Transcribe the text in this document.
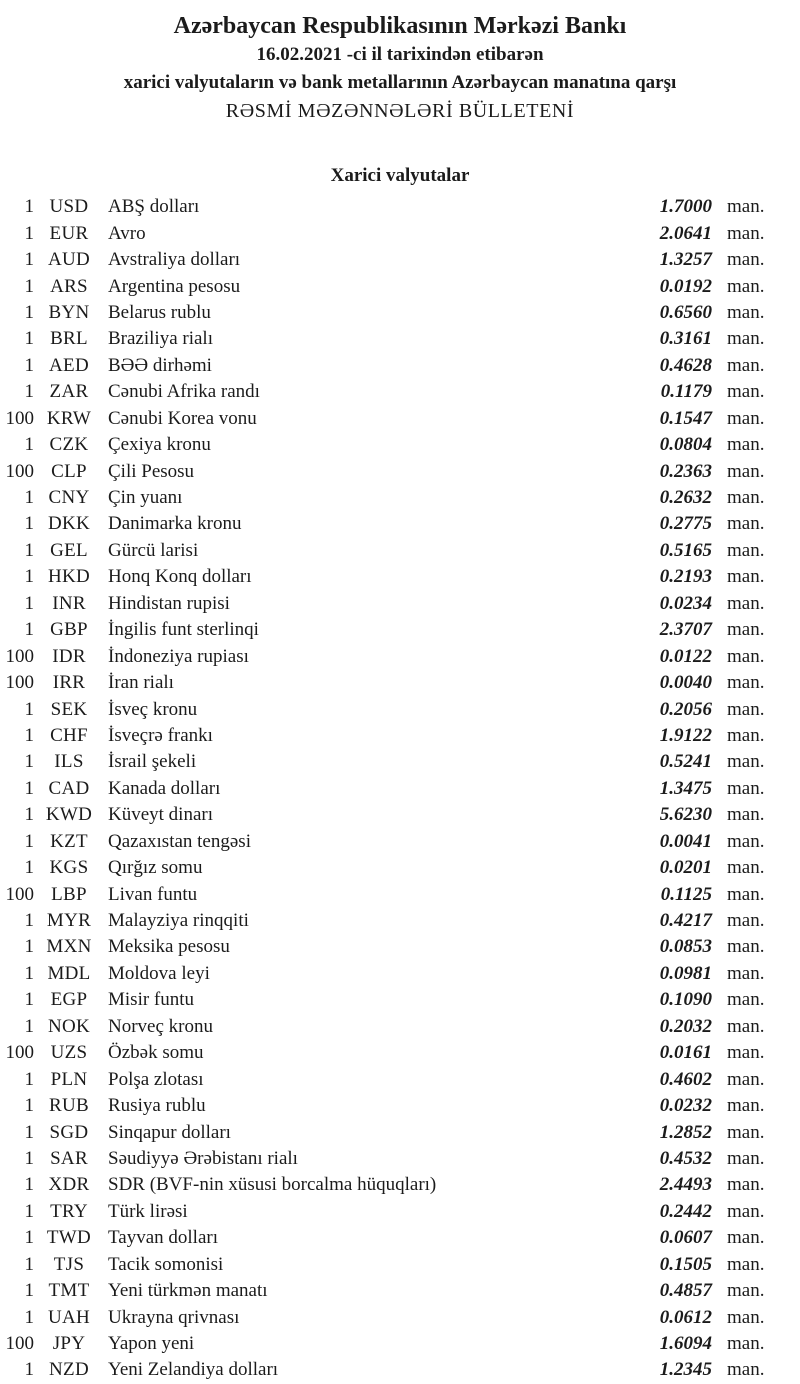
Azərbaycan Respublikasının Mərkəzi Bankı
16.02.2021 -ci il tarixindən etibarən
xarici valyutaların və bank metallarının Azərbaycan manatına qarşı
RƏSMİ MƏZƏNNƏLƏRİ BÜLLETENİ
Xarici valyutalar
1 USD	ABŞ dolları	1.7000 man.
1 EUR	Avro	2.0641 man.
1 AUD Avstraliya dolları	1.3257 man.
1 ARS	Argentina pesosu	0.0192 man.
1 BYN Belarus rublu	0.6560 man.
1 BRL	Braziliya rialı	0.3161 man.
1 AED	BƏƏ dirhəmi	0.4628 man.
1 ZAR	Cənubi Afrika randı	0.1179 man.
100 KRW Cənubi Korea vonu	0.1547 man.
1 CZK	Çexiya kronu	0.0804 man.
100 CLP	Çili Pesosu	0.2363 man.
1 CNY Çin yuanı	0.2632 man.
1 DKK Danimarka kronu	0.2775 man.
1 GEL	Gürcü larisi	0.5165 man.
1 HKD Honq Konq dolları	0.2193 man.
1 INR	Hindistan rupisi	0.0234 man.
1 GBP	İngilis funt sterlinqi	2.3707 man.
100 IDR	İndoneziya rupiası	0.0122 man.
100 IRR	İran rialı	0.0040 man.
1 SEK	İsveç kronu	0.2056 man.
1 CHF	İsveçrə frankı	1.9122 man.
1	ILS	İsrail şekeli	0.5241 man.
1 CAD Kanada dolları	1.3475 man.
1 KWD Küveyt dinarı	5.6230 man.
1 KZT	Qazaxıstan tengəsi	0.0041 man.
1 KGS	Qırğız somu	0.0201 man.
100 LBP	Livan funtu	0.1125 man.
1 MYR Malayziya rinqqiti	0.4217 man.
1 MXN Meksika pesosu	0.0853 man.
1 MDL Moldova leyi	0.0981 man.
1 EGP	Misir funtu	0.1090 man.
1 NOK Norveç kronu	0.2032 man.
100 UZS	Özbək somu	0.0161 man.
1 PLN	Polşa zlotası	0.4602 man.
1 RUB	Rusiya rublu	0.0232 man.
1 SGD	Sinqapur dolları	1.2852 man.
1 SAR	Səudiyyə Ərəbistanı rialı	0.4532 man.
1 XDR SDR (BVF-nin xüsusi borcalma hüquqları)	2.4493 man.
1 TRY	Türk lirəsi	0.2442 man.
1 TWD Tayvan dolları	0.0607 man.
1	TJS	Tacik somonisi	0.1505 man.
1 TMT Yeni türkmən manatı	0.4857 man.
1 UAH Ukrayna qrivnası	0.0612 man.
100 JPY	Yapon yeni	1.6094 man.
1 NZD	Yeni Zelandiya dolları	1.2345 man.
